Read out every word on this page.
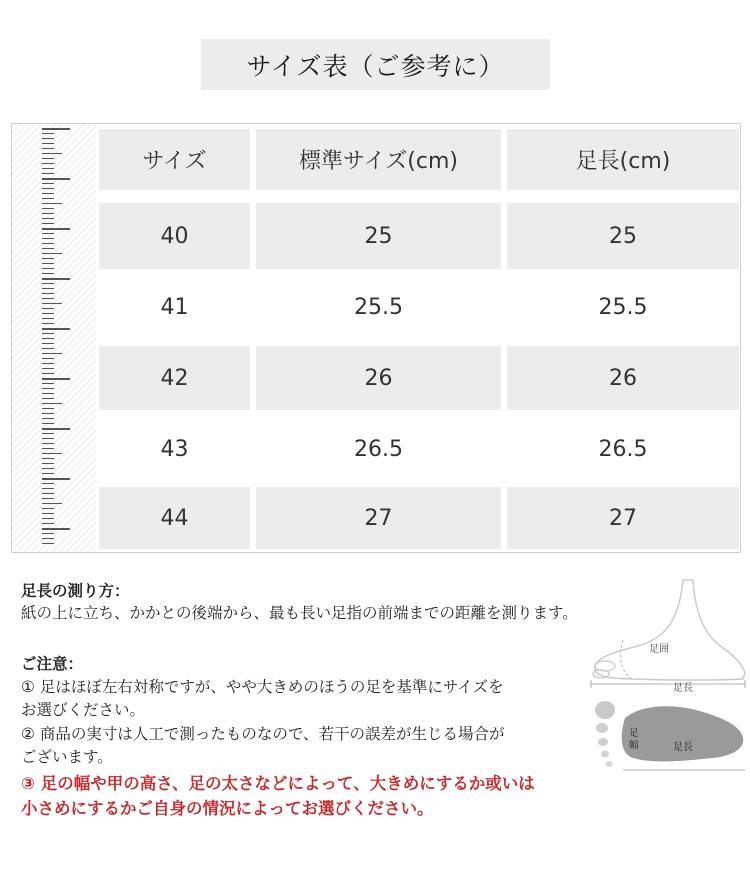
サイズ表（ご参考に）
サイズ	標準サイズ(cm)	足長(cm)
40	25	25
41	25.5	25.5
42	26	26
43	26.5	26.5
44	27	27
足長の測り方：
紙の上に立ち、かかとの後端から、最も長い足指の前端までの距離を測ります。
ご注意：
① 足はほぼ左右対称ですが、やや大きめのほうの足を基準にサイズを
お選びください。
② 商品の実寸は人工で測ったものなので、若干の誤差が生じる場合が
ございます。
③ 足の幅や甲の高さ、足の太さなどによって、大きめにするか或いは
小さめにするかご自身の情況によってお選びください。
足囲
足長
足幅	足長
